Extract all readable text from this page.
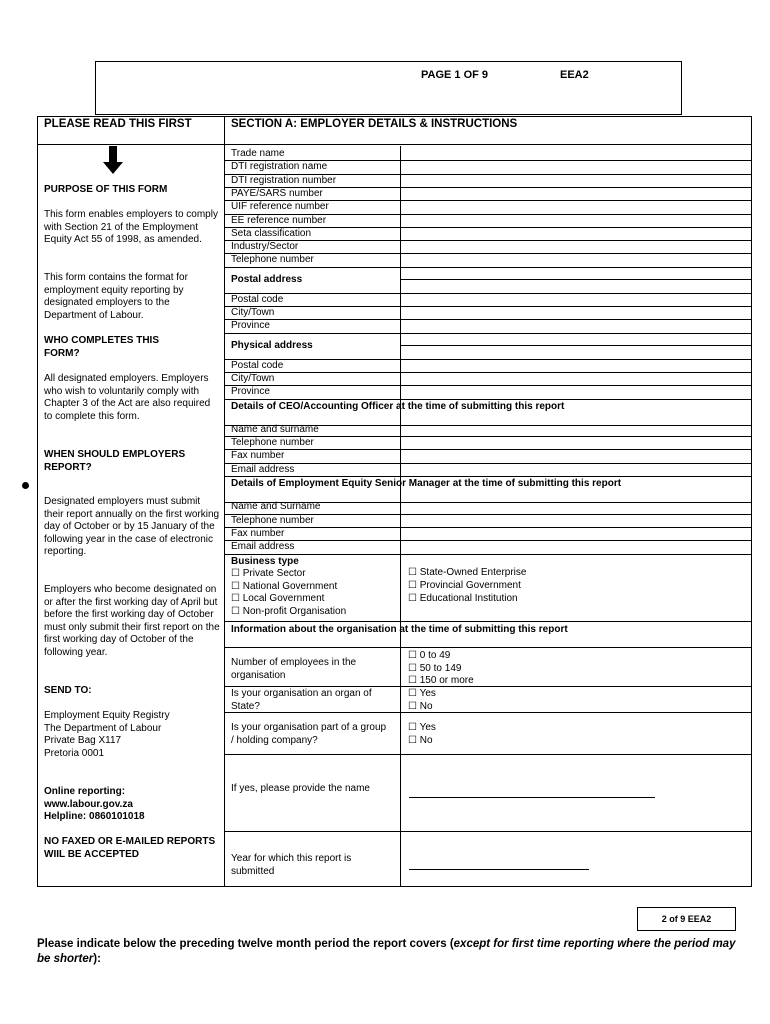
PAGE 1 OF 9	EEA2
PLEASE READ THIS FIRST	SECTION A: EMPLOYER DETAILS & INSTRUCTIONS
PURPOSE OF THIS FORM
This form enables employers to comply with Section 21 of the Employment Equity Act 55 of 1998, as amended.
This form contains the format for employment equity reporting by designated employers to the Department of Labour.
WHO COMPLETES THIS FORM?
All designated employers. Employers who wish to voluntarily comply with Chapter 3 of the Act are also required to complete this form.
WHEN SHOULD EMPLOYERS REPORT?
Designated employers must submit their report annually on the first working day of October or by 15 January of the following year in the case of electronic reporting.
Employers who become designated on or after the first working day of April but before the first working day of October must only submit their first report on the first working day of October of the following year.
SEND TO:
Employment Equity Registry
The Department of Labour
Private Bag X117
Pretoria 0001
Online reporting:
www.labour.gov.za
Helpline: 0860101018
NO FAXED OR E-MAILED REPORTS WIIL BE ACCEPTED
Trade name
DTI registration name
DTI registration number
PAYE/SARS number
UIF reference number
EE reference number
Seta classification
Industry/Sector
Telephone number
Postal address
Postal code
City/Town
Province
Physical address
Postal code
City/Town
Province
Details of CEO/Accounting Officer at the time of submitting this report
Name and surname
Telephone number
Fax number
Email address
Details of Employment Equity Senior Manager at the time of submitting this report
Name and Surname
Telephone number
Fax number
Email address
Business type
☐ Private Sector
☐ National Government
☐ Local Government
☐ Non-profit Organisation
☐ State-Owned Enterprise
☐ Provincial Government
☐ Educational Institution
Information about the organisation at the time of submitting this report
Number of employees in the organisation
☐ 0 to 49
☐ 50 to 149
☐ 150 or more
Is your organisation an organ of State?
☐ Yes
☐ No
Is your organisation part of a group / holding company?
☐ Yes
☐ No
If yes, please provide the name
Year for which this report is submitted
2 of 9 EEA2
Please indicate below the preceding twelve month period the report covers (except for first time reporting where the period may be shorter):
